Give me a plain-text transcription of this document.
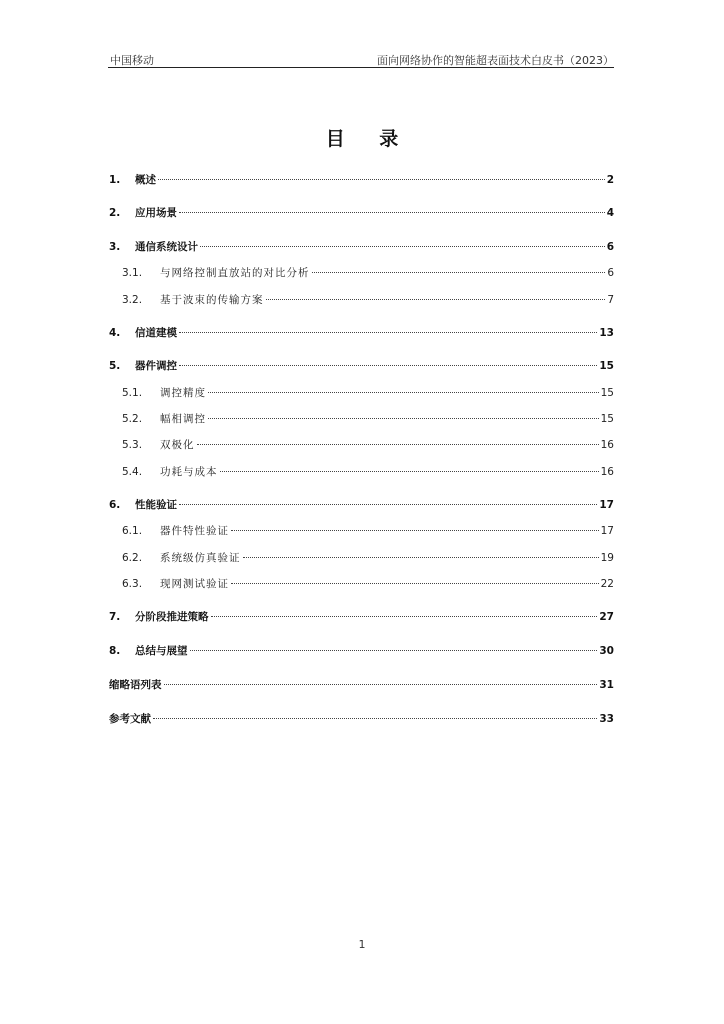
中国移动	面向网络协作的智能超表面技术白皮书（2023）
目 录
1.	概述	2
2.	应用场景	4
3.	通信系统设计	6
3.1.	与网络控制直放站的对比分析	6
3.2.	基于波束的传输方案	7
4.	信道建模	13
5.	器件调控	15
5.1.	调控精度	15
5.2.	幅相调控	15
5.3.	双极化	16
5.4.	功耗与成本	16
6.	性能验证	17
6.1.	器件特性验证	17
6.2.	系统级仿真验证	19
6.3.	现网测试验证	22
7.	分阶段推进策略	27
8.	总结与展望	30
缩略语列表	31
参考文献	33
1
